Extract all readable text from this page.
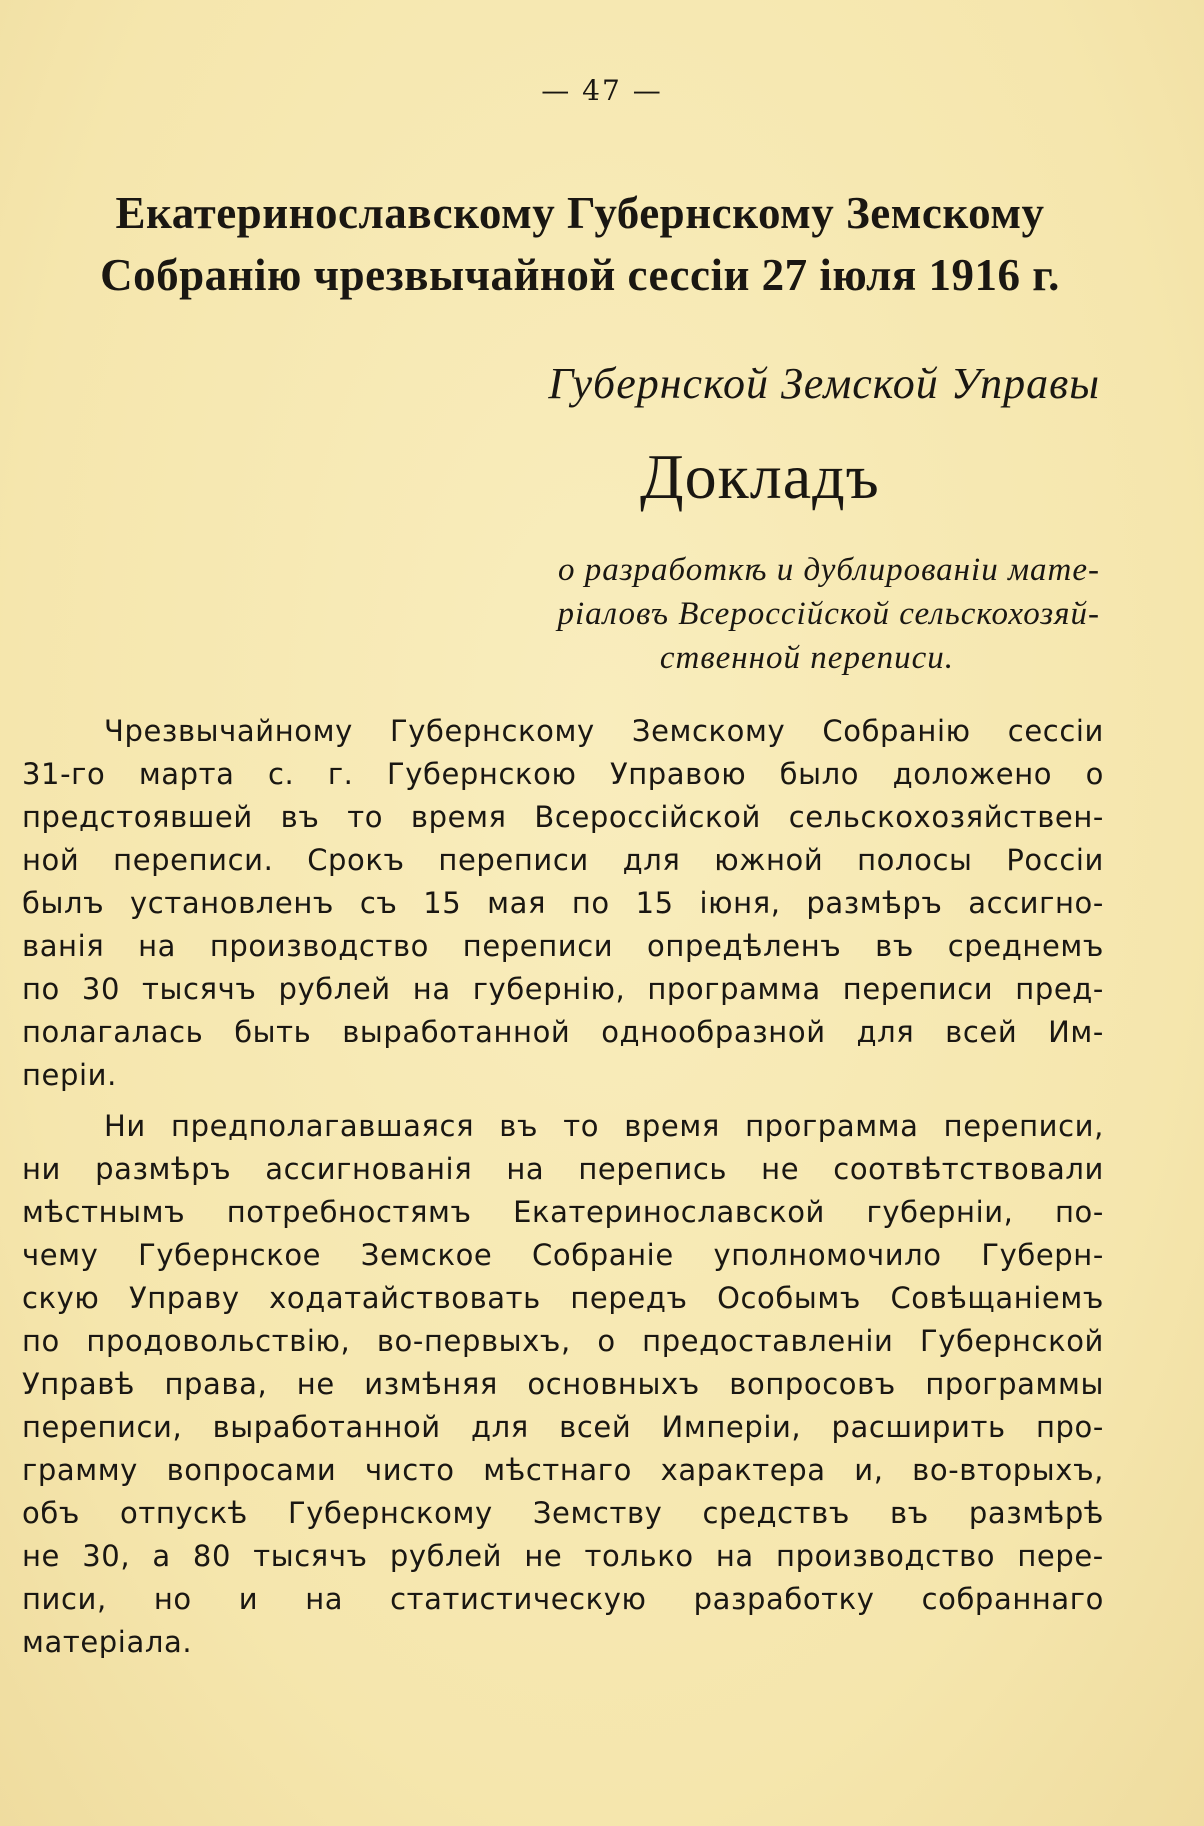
— 47 —
Екатеринославскому Губернскому Земскому
Собранію чрезвычайной сессіи 27 іюля 1916 г.
Губернской Земской Управы
Докладъ
о разработкѣ и дублированіи мате-
ріаловъ Всероссійской сельскохозяй-
ственной переписи.
Чрезвычайному Губернскому Земскому Собранію сессіи
31-го марта с. г. Губернскою Управою было доложено о
предстоявшей въ то время Всероссійской сельскохозяйствен-
ной переписи. Срокъ переписи для южной полосы Россіи
былъ установленъ съ 15 мая по 15 іюня, размѣръ ассигно-
ванія на производство переписи опредѣленъ въ среднемъ
по 30 тысячъ рублей на губернію, программа переписи пред-
полагалась быть выработанной однообразной для всей Им-
періи.
Ни предполагавшаяся въ то время программа переписи,
ни размѣръ ассигнованія на перепись не соотвѣтствовали
мѣстнымъ потребностямъ Екатеринославской губерніи, по-
чему Губернское Земское Собраніе уполномочило Губерн-
скую Управу ходатайствовать передъ Особымъ Совѣщаніемъ
по продовольствію, во-первыхъ, о предоставленіи Губернской
Управѣ права, не измѣняя основныхъ вопросовъ программы
переписи, выработанной для всей Имперіи, расширить про-
грамму вопросами чисто мѣстнаго характера и, во-вторыхъ,
объ отпускѣ Губернскому Земству средствъ въ размѣрѣ
не 30, а 80 тысячъ рублей не только на производство пере-
писи, но и на статистическую разработку собраннаго
матеріала.
